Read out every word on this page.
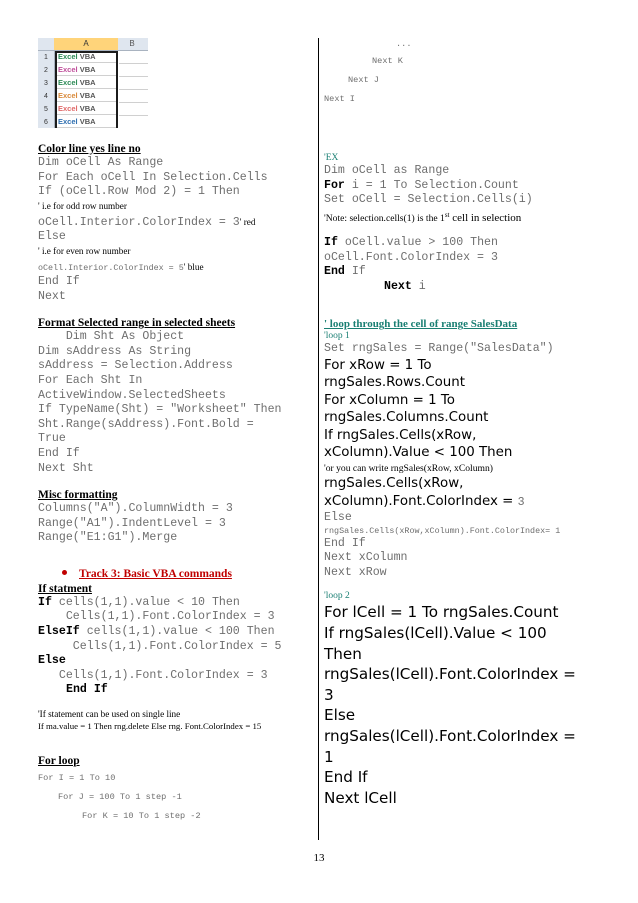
A	B
1
2
3
4
5
6
Excel VBA
Excel VBA
Excel VBA
Excel VBA
Excel VBA
Excel VBA
Color line yes line no
Dim oCell As Range
For Each oCell In Selection.Cells
If (oCell.Row Mod 2) = 1 Then
' i.e for odd row number
oCell.Interior.ColorIndex = 3' red
Else
' i.e for even row number
oCell.Interior.ColorIndex = 5' blue
End If
Next
Format Selected range in selected sheets
Dim Sht As Object
Dim sAddress As String
sAddress = Selection.Address
For Each Sht In
ActiveWindow.SelectedSheets
If TypeName(Sht) = "Worksheet" Then
Sht.Range(sAddress).Font.Bold =
True
End If
Next Sht
Misc formatting
Columns("A").ColumnWidth = 3
Range("A1").IndentLevel = 3
Range("E1:G1").Merge
Track 3: Basic VBA commands
If statment
If cells(1,1).value < 10 Then
Cells(1,1).Font.ColorIndex = 3
ElseIf cells(1,1).value < 100 Then
Cells(1,1).Font.ColorIndex = 5
Else
Cells(1,1).Font.ColorIndex = 3
End If
'If statement can be used on single line
If ma.value = 1 Then rng.delete Else rng. Font.ColorIndex = 15
For loop
For I = 1 To 10
For J = 100 To 1 step -1
For K = 10 To 1 step -2
...
Next K
Next J
Next I
'EX
Dim oCell as Range
For i = 1 To Selection.Count
Set oCell = Selection.Cells(i)
'Note: selection.cells(1) is the 1st cell in selection
If oCell.value > 100 Then
oCell.Font.ColorIndex = 3
End If
Next i
' loop through the cell of range SalesData
'loop 1
Set rngSales = Range("SalesData")
For xRow = 1 To
rngSales.Rows.Count
For xColumn = 1 To
rngSales.Columns.Count
If rngSales.Cells(xRow,
xColumn).Value < 100 Then
'or you can write rngSales(xRow, xColumn)
rngSales.Cells(xRow,
xColumn).Font.ColorIndex = 3
Else
rngSales.Cells(xRow,xColumn).Font.ColorIndex= 1
End If
Next xColumn
Next xRow
'loop 2
For lCell = 1 To rngSales.Count
If rngSales(lCell).Value < 100
Then
rngSales(lCell).Font.ColorIndex =
3
Else
rngSales(lCell).Font.ColorIndex =
1
End If
Next lCell
13
